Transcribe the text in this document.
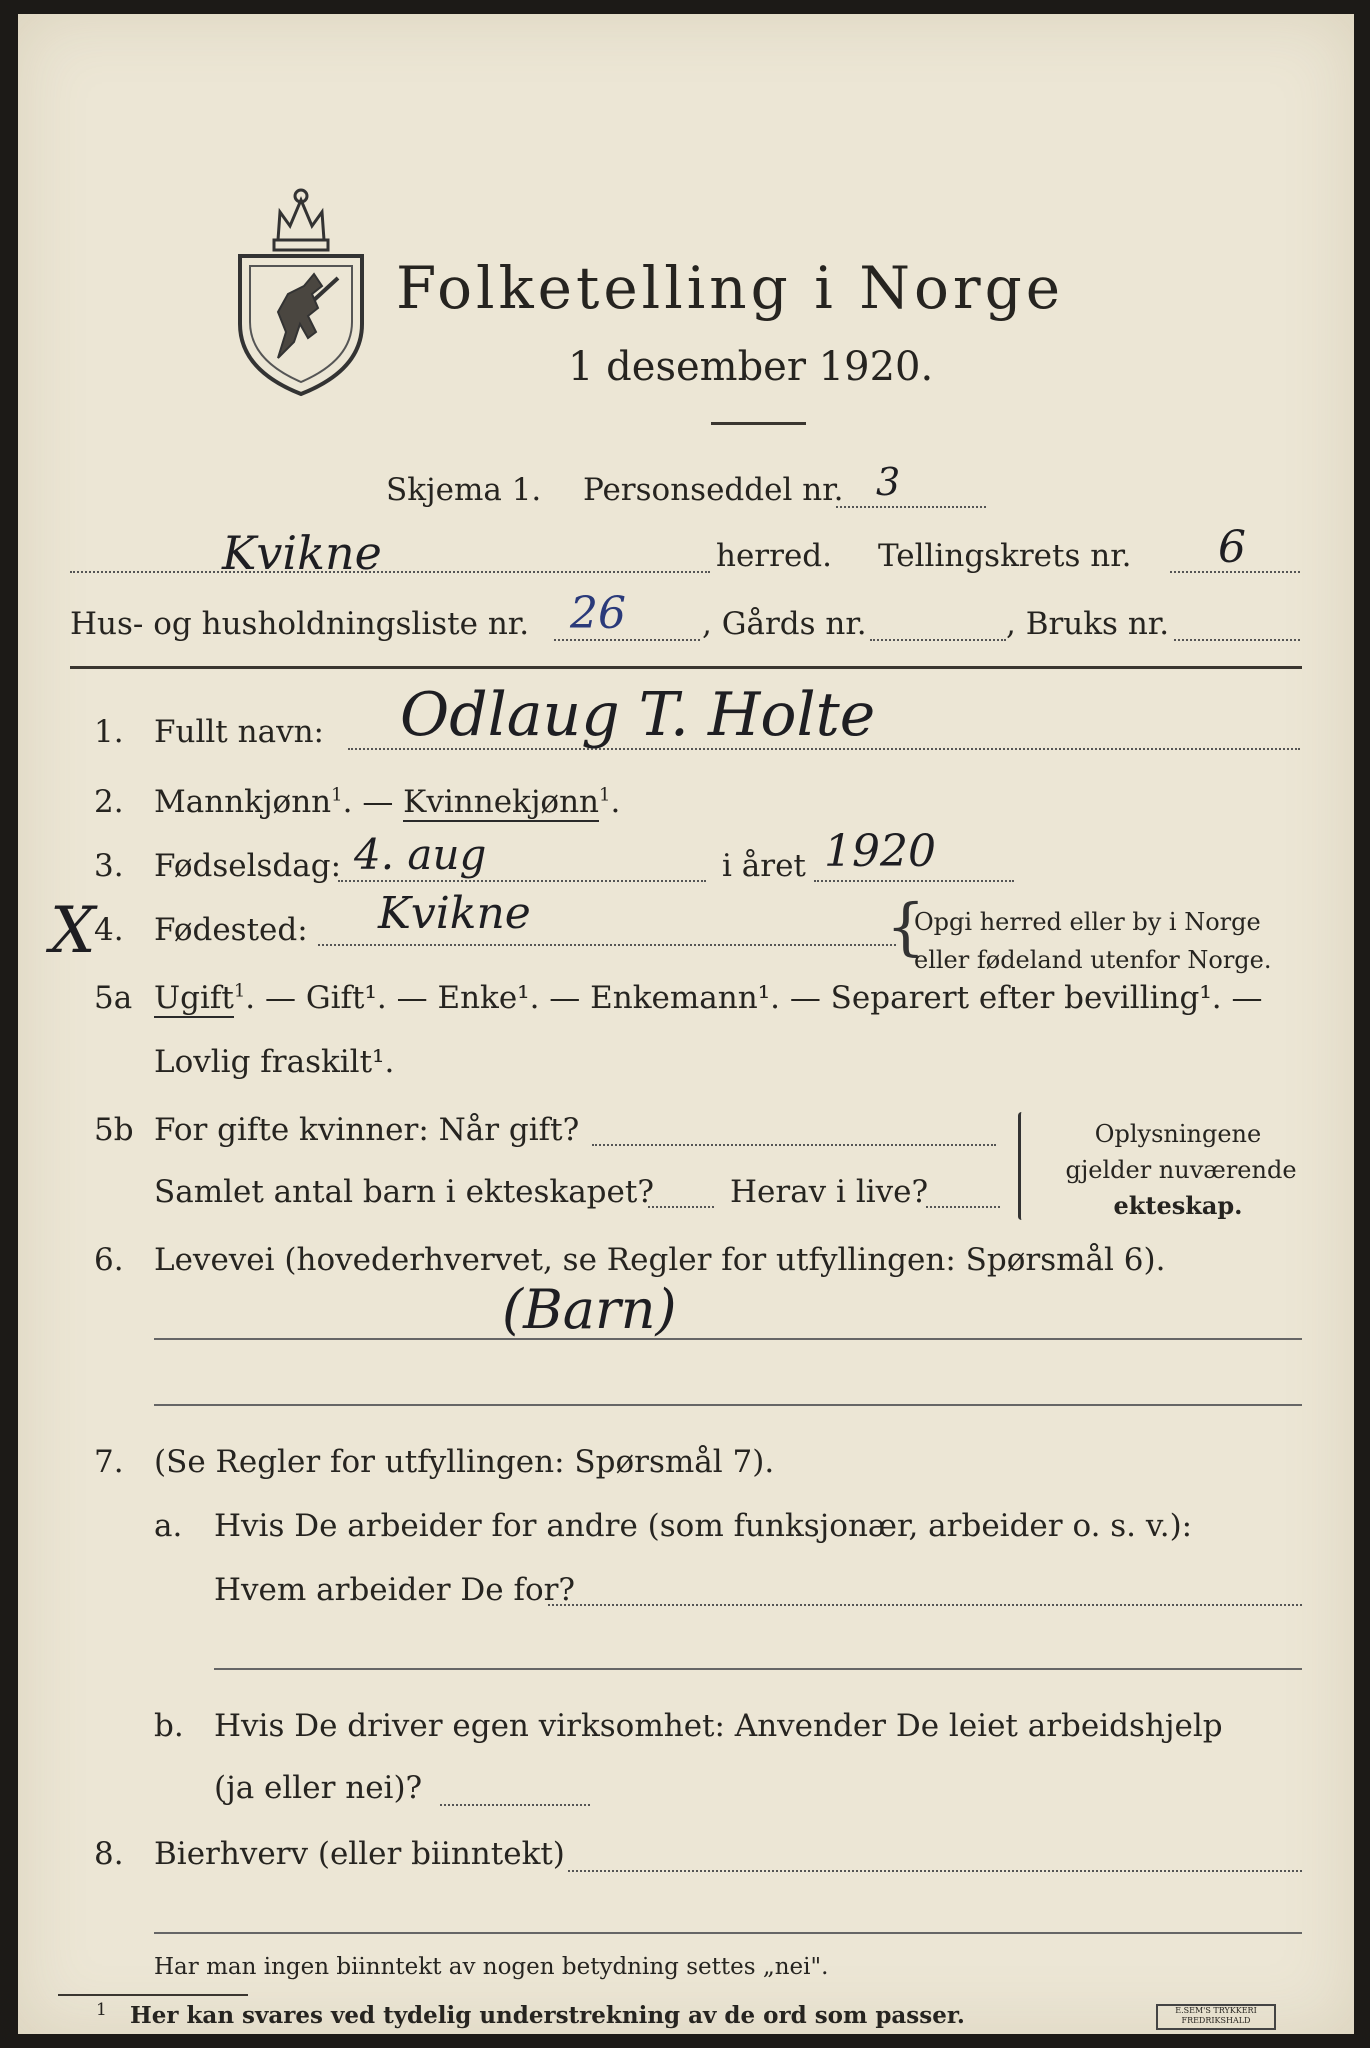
Folketelling i Norge
1 desember 1920.
Skjema 1. Personseddel nr. 3
Kvikne	herred. Tellingskrets nr. 6
Hus- og husholdningsliste nr. 26 , Gårds nr.	, Bruks nr.
1. Fullt navn: Odlaug T. Holte
2. Mannkjønn$^1$. — Kvinnekjønn$^1$.
3. Fødselsdag: 4. aug	i året 1920
X
4. Fødested: Kvikne	{
Opgi herred eller by i Norge
eller fødeland utenfor Norge.
5a Ugift$^1$. — Gift¹. — Enke¹. — Enkemann¹. — Separert efter bevilling¹. —
Lovlig fraskilt¹.
5b For gifte kvinner: Når gift?
Samlet antal barn i ekteskapet? Herav i live?
Oplysningene
gjelder nuværende
ekteskap.
6. Levevei (hovederhvervet, se Regler for utfyllingen: Spørsmål 6).
(Barn)
7. (Se Regler for utfyllingen: Spørsmål 7).
a. Hvis De arbeider for andre (som funksjonær, arbeider o. s. v.):
Hvem arbeider De for?
b. Hvis De driver egen virksomhet: Anvender De leiet arbeidshjelp
(ja eller nei)?
8. Bierhverv (eller biinntekt)
Har man ingen biinntekt av nogen betydning settes „nei".
1 Her kan svares ved tydelig understrekning av de ord som passer.	E.SEM'S TRYKKERI FREDRIKSHALD
